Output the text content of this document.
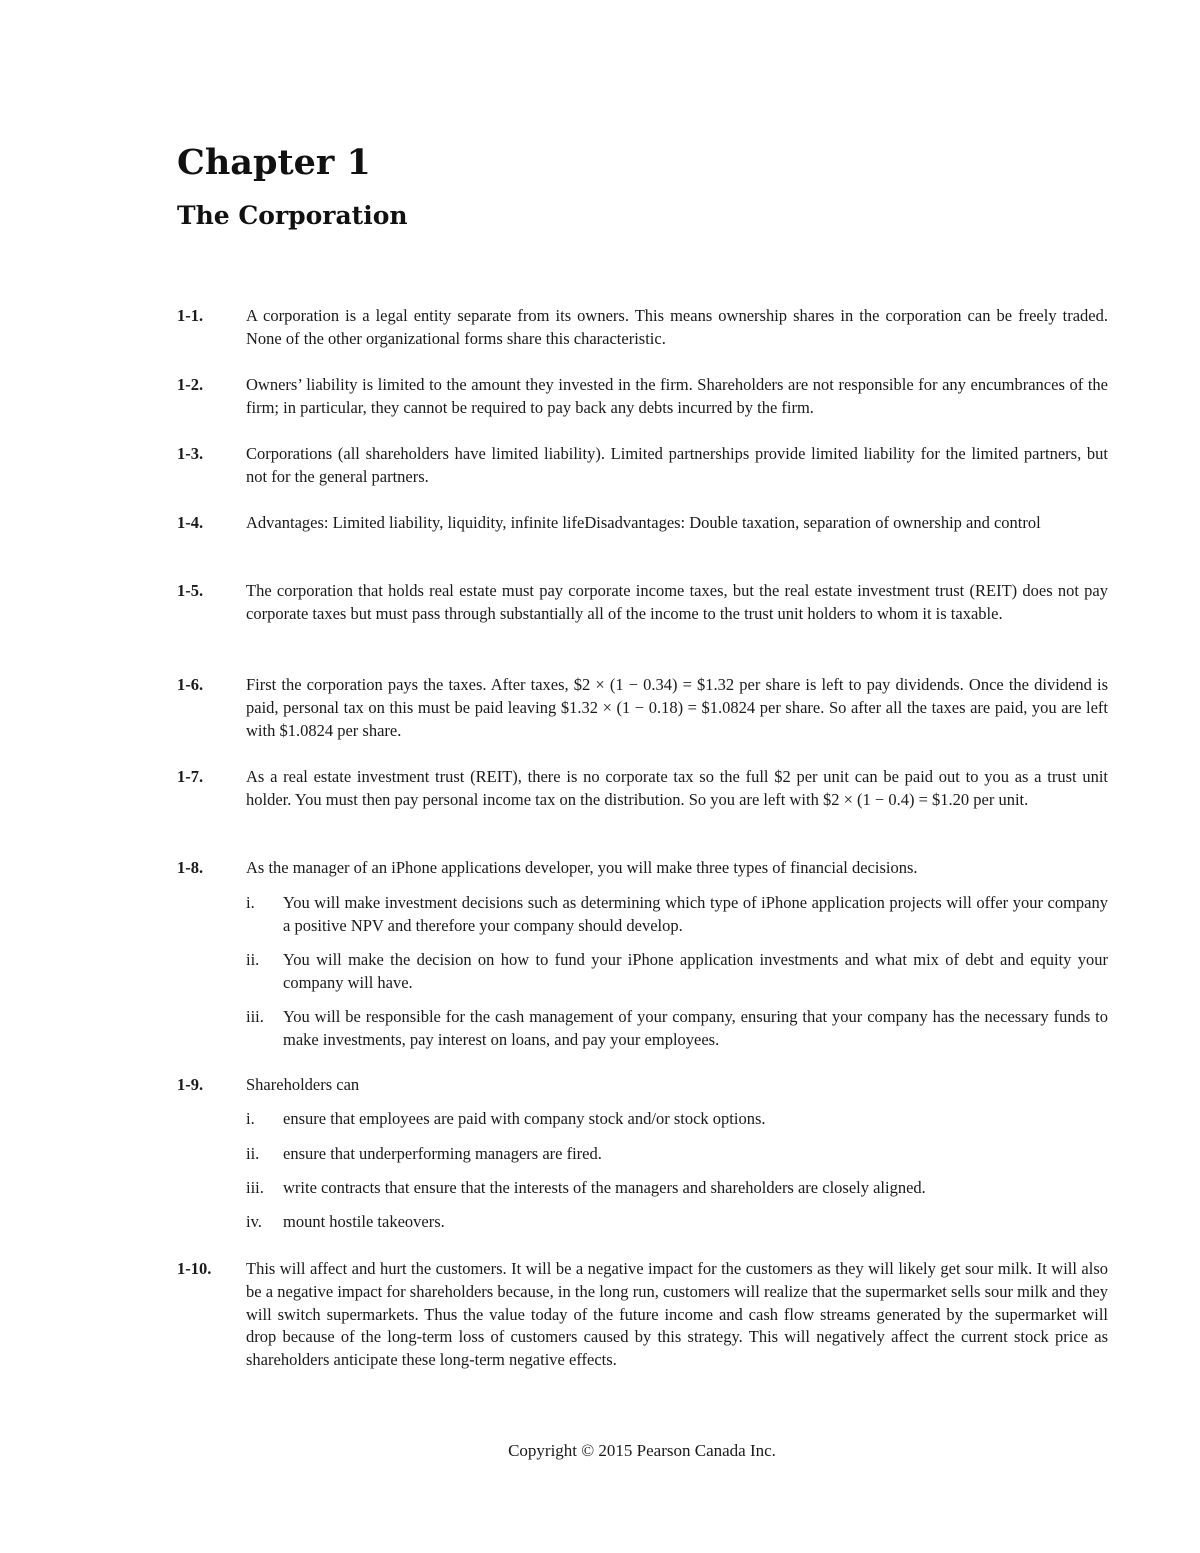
Chapter 1
The Corporation
1-1.	A corporation is a legal entity separate from its owners. This means ownership shares in the corporation can be freely traded. None of the other organizational forms share this characteristic.
1-2.	Owners’ liability is limited to the amount they invested in the firm. Shareholders are not responsible for any encumbrances of the firm; in particular, they cannot be required to pay back any debts incurred by the firm.
1-3.	Corporations (all shareholders have limited liability). Limited partnerships provide limited liability for the limited partners, but not for the general partners.
1-4.	Advantages: Limited liability, liquidity, infinite lifeDisadvantages: Double taxation, separation of ownership and control
1-5.	The corporation that holds real estate must pay corporate income taxes, but the real estate investment trust (REIT) does not pay corporate taxes but must pass through substantially all of the income to the trust unit holders to whom it is taxable.
1-6.	First the corporation pays the taxes. After taxes, $2 × (1 − 0.34) = $1.32 per share is left to pay dividends. Once the dividend is paid, personal tax on this must be paid leaving $1.32 × (1 − 0.18) = $1.0824 per share. So after all the taxes are paid, you are left with $1.0824 per share.
1-7.	As a real estate investment trust (REIT), there is no corporate tax so the full $2 per unit can be paid out to you as a trust unit holder. You must then pay personal income tax on the distribution. So you are left with $2 × (1 − 0.4) = $1.20 per unit.
1-8.	As the manager of an iPhone applications developer, you will make three types of financial decisions.
i. You will make investment decisions such as determining which type of iPhone application projects will offer your company a positive NPV and therefore your company should develop.
ii. You will make the decision on how to fund your iPhone application investments and what mix of debt and equity your company will have.
iii. You will be responsible for the cash management of your company, ensuring that your company has the necessary funds to make investments, pay interest on loans, and pay your employees.
1-9.	Shareholders can
i. ensure that employees are paid with company stock and/or stock options.
ii. ensure that underperforming managers are fired.
iii. write contracts that ensure that the interests of the managers and shareholders are closely aligned.
iv. mount hostile takeovers.
1-10. This will affect and hurt the customers. It will be a negative impact for the customers as they will likely get sour milk. It will also be a negative impact for shareholders because, in the long run, customers will realize that the supermarket sells sour milk and they will switch supermarkets. Thus the value today of the future income and cash flow streams generated by the supermarket will drop because of the long-term loss of customers caused by this strategy. This will negatively affect the current stock price as shareholders anticipate these long-term negative effects.
Copyright © 2015 Pearson Canada Inc.
